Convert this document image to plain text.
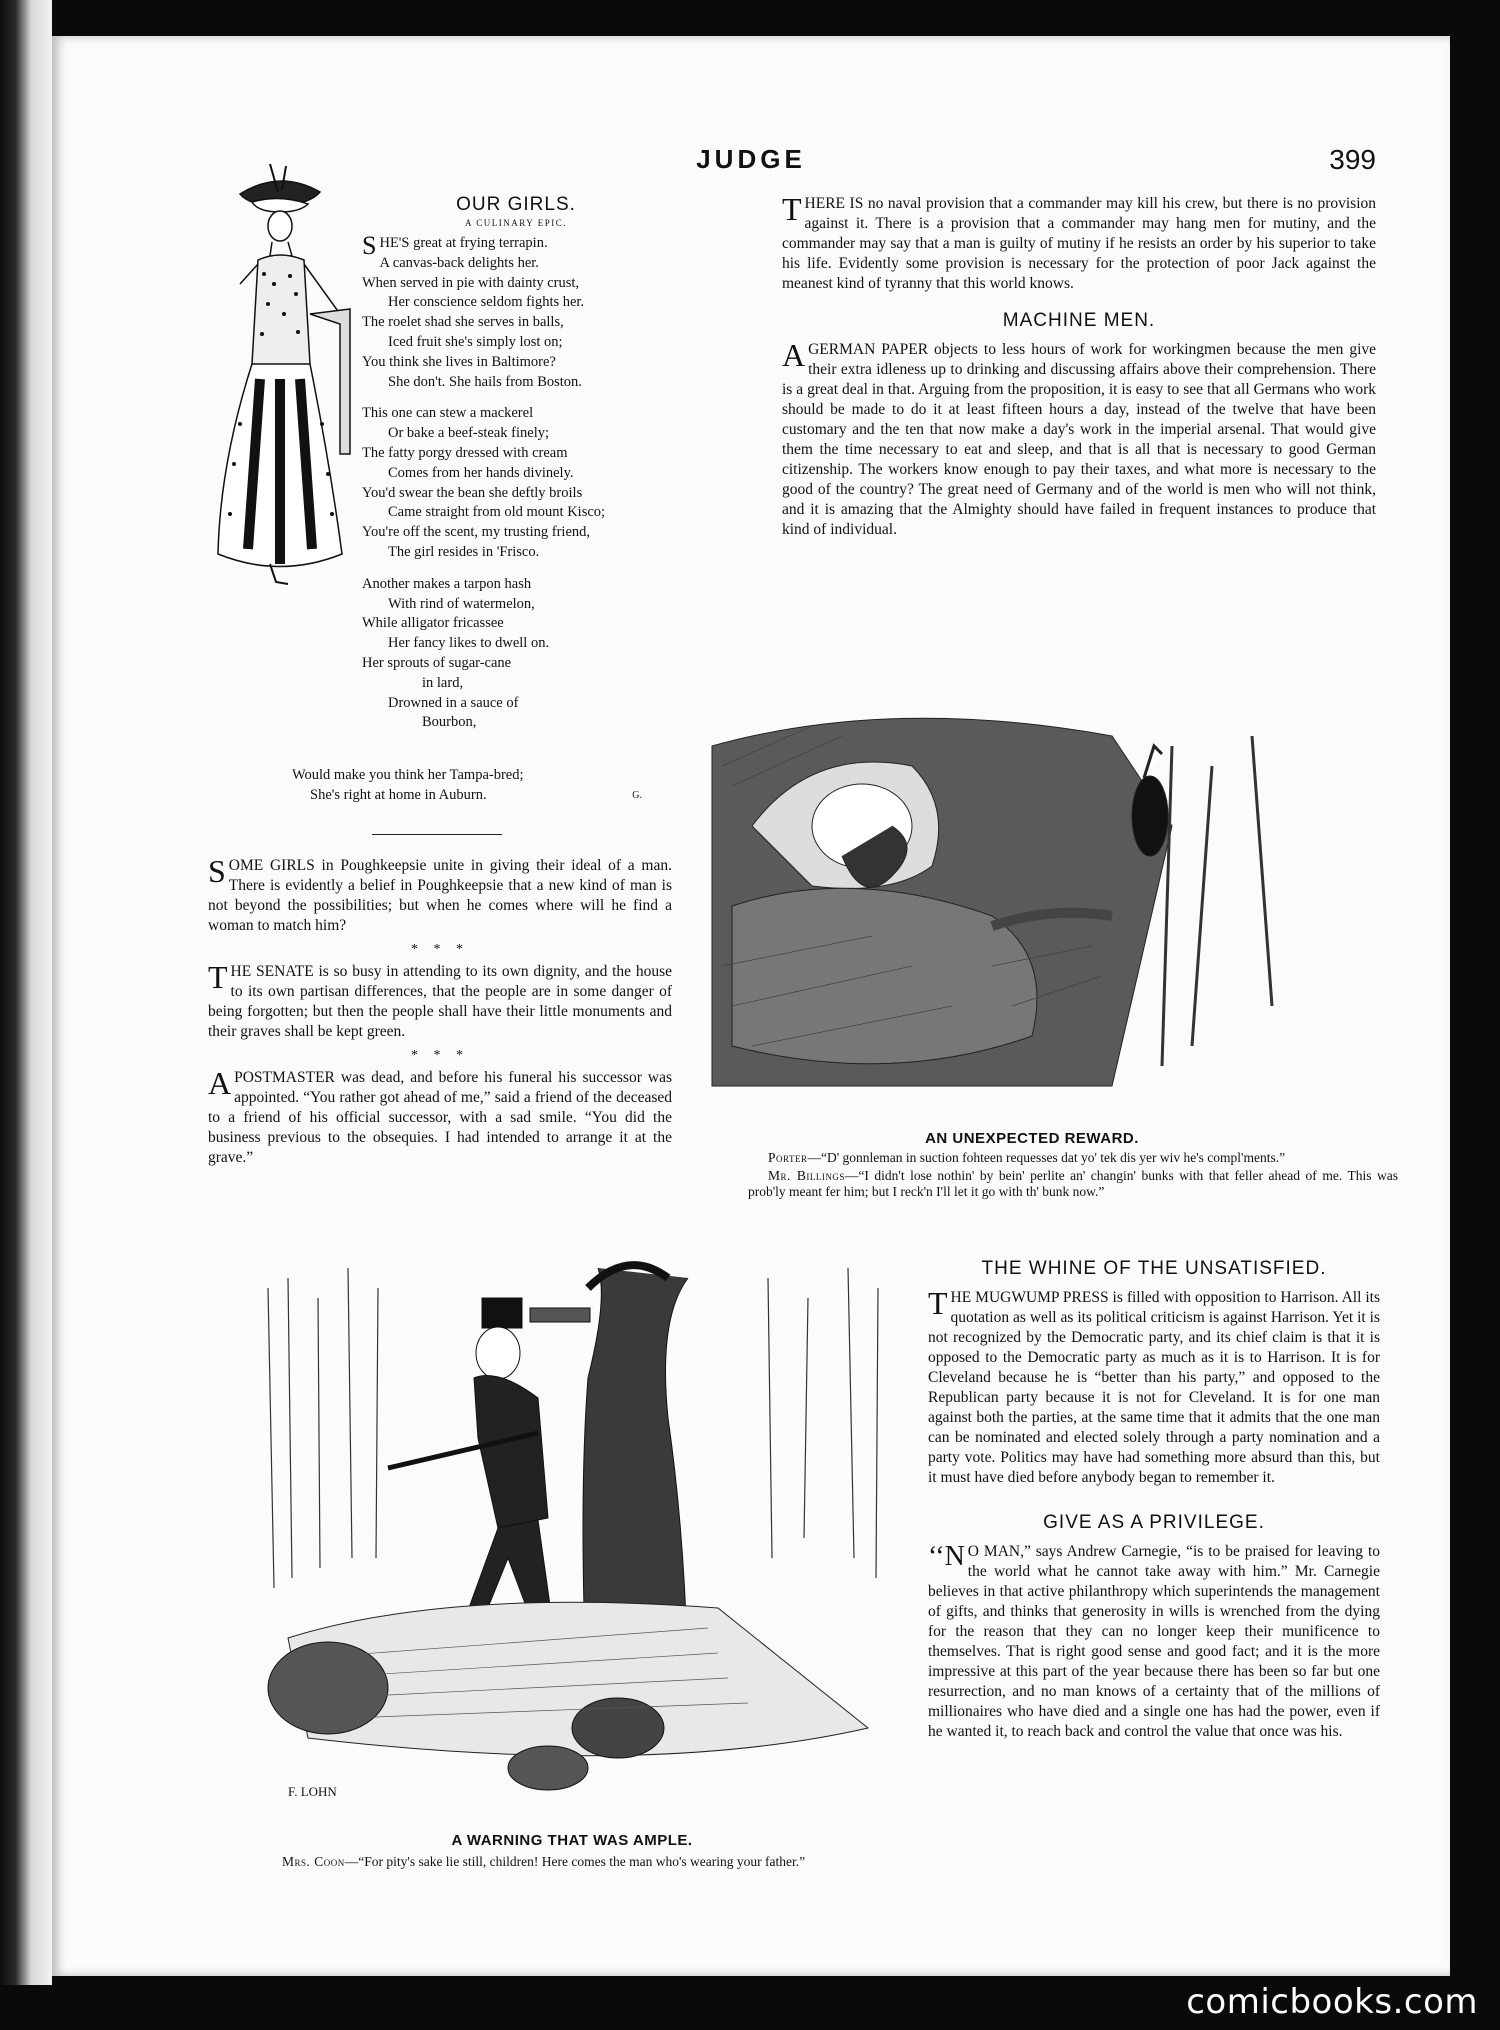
JUDGE	399
OUR GIRLS.
A CULINARY EPIC.
SHE'S great at frying terrapin.
A canvas-back delights her.
When served in pie with dainty crust,
Her conscience seldom fights her.
The roelet shad she serves in balls,
Iced fruit she's simply lost on;
You think she lives in Baltimore?
She don't. She hails from Boston.
This one can stew a mackerel
Or bake a beef-steak finely;
The fatty porgy dressed with cream
Comes from her hands divinely.
You'd swear the bean she deftly broils
Came straight from old mount Kisco;
You're off the scent, my trusting friend,
The girl resides in 'Frisco.
Another makes a tarpon hash
With rind of watermelon,
While alligator fricassee
Her fancy likes to dwell on.
Her sprouts of sugar-cane
in lard,
Drowned in a sauce of
Bourbon,
Would make you think her Tampa-bred;
She's right at home in Auburn.	G.

SOME GIRLS in Poughkeepsie unite in giving their ideal of a man. There is evidently a belief in Poughkeepsie that a new kind of man is not beyond the possibilities; but when he comes where will he find a woman to match him?

* * *

THE SENATE is so busy in attending to its own dignity, and the house to its own partisan differences, that the people are in some danger of being forgotten; but then the people shall have their little monuments and their graves shall be kept green.

* * *

APOSTMASTER was dead, and before his funeral his successor was appointed. “You rather got ahead of me,” said a friend of the deceased to a friend of his official successor, with a sad smile. “You did the business previous to the obsequies. I had intended to arrange it at the grave.”

THERE IS no naval provision that a commander may kill his crew, but there is no provision against it. There is a provision that a commander may hang men for mutiny, and the commander may say that a man is guilty of mutiny if he resists an order by his superior to take his life. Evidently some provision is necessary for the protection of poor Jack against the meanest kind of tyranny that this world knows.

MACHINE MEN.

AGERMAN PAPER objects to less hours of work for workingmen because the men give their extra idleness up to drinking and discussing affairs above their comprehension. There is a great deal in that. Arguing from the proposition, it is easy to see that all Germans who work should be made to do it at least fifteen hours a day, instead of the twelve that have been customary and the ten that now make a day's work in the imperial arsenal. That would give them the time necessary to eat and sleep, and that is all that is necessary to good German citizenship. The workers know enough to pay their taxes, and what more is necessary to the good of the country? The great need of Germany and of the world is men who will not think, and it is amazing that the Almighty should have failed in frequent instances to produce that kind of individual.

AN UNEXPECTED REWARD.
Porter—“D' gonnleman in suction fohteen requesses dat yo' tek dis yer wiv he's compl'ments.”
Mr. Billings—“I didn't lose nothin' by bein' perlite an' changin' bunks with that feller ahead of me. This was prob'ly meant fer him; but I reck'n I'll let it go with th' bunk now.”
THE WHINE OF THE UNSATISFIED.

THE MUGWUMP PRESS is filled with opposition to Harrison. All its quotation as well as its political criticism is against Harrison. Yet it is not recognized by the Democratic party, and its chief claim is that it is opposed to the Democratic party as much as it is to Harrison. It is for Cleveland because he is “better than his party,” and opposed to the Republican party because it is not for Cleveland. It is for one man against both the parties, at the same time that it admits that the one man can be nominated and elected solely through a party nomination and a party vote. Politics may have had something more absurd than this, but it must have died before anybody began to remember it.

GIVE AS A PRIVILEGE.

‘‘N O MAN,” says Andrew Carnegie, “is to be praised for leaving to the world what he cannot take away with him.” Mr. Carnegie believes in that active philanthropy which superintends the management of gifts, and thinks that generosity in wills is wrenched from the dying for the reason that they can no longer keep their munificence to themselves. That is right good sense and good fact; and it is the more impressive at this part of the year because there has been so far but one resurrection, and no man knows of a certainty that of the millions of millionaires who have died and a single one has had the power, even if he wanted it, to reach back and control the value that once was his.

F. LOHN
A WARNING THAT WAS AMPLE.
Mrs. Coon—“For pity's sake lie still, children! Here comes the man who's wearing your father.”
comicbooks.com
